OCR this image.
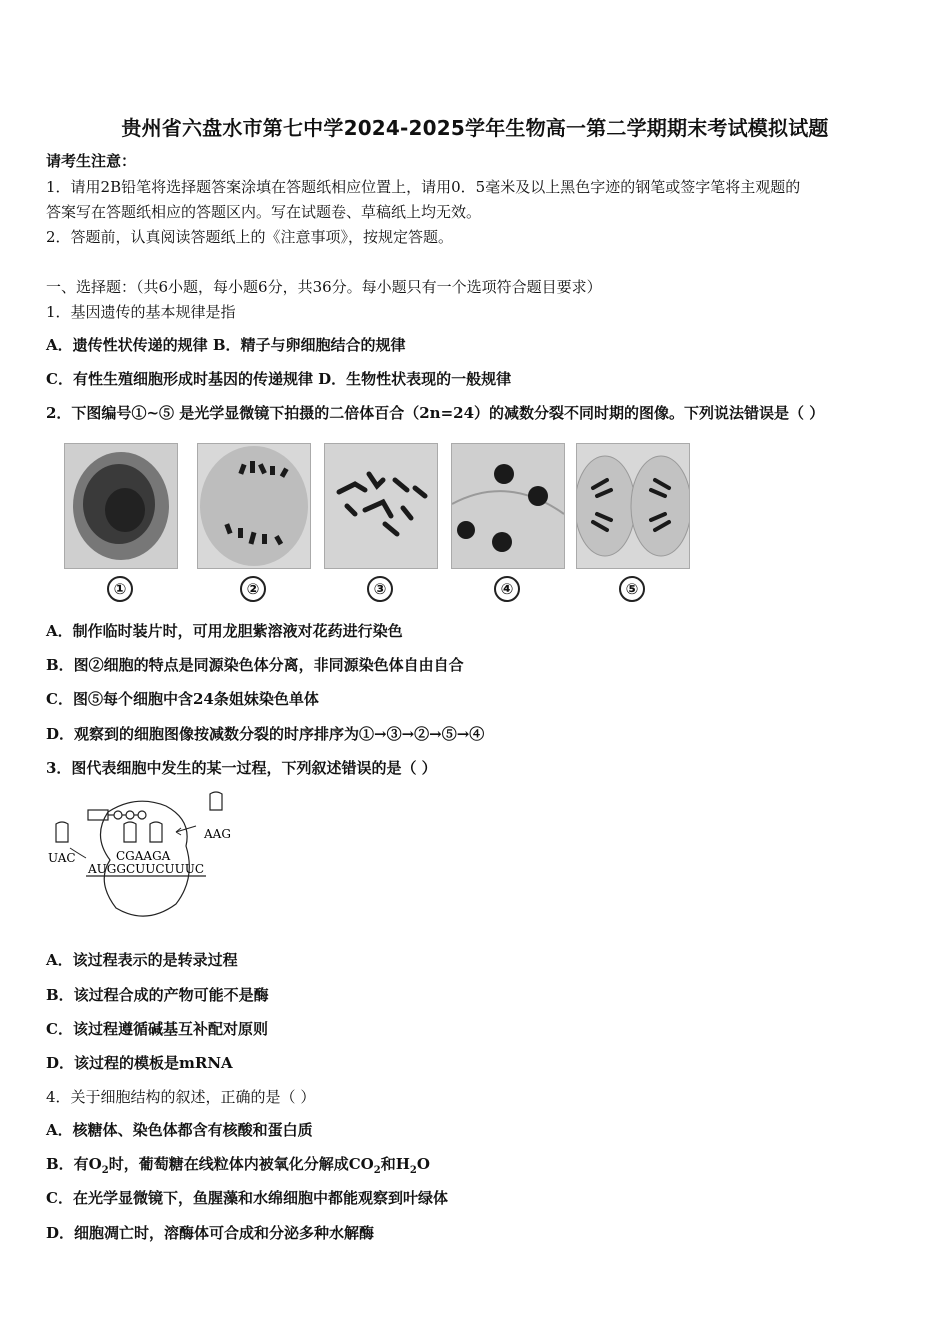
贵州省六盘水市第七中学2024-2025学年生物高一第二学期期末考试模拟试题
请考生注意：
1．请用2B铅笔将选择题答案涂填在答题纸相应位置上，请用0．5毫米及以上黑色字迹的钢笔或签字笔将主观题的
答案写在答题纸相应的答题区内。写在试题卷、草稿纸上均无效。
2．答题前，认真阅读答题纸上的《注意事项》，按规定答题。
一、选择题：（共6小题，每小题6分，共36分。每小题只有一个选项符合题目要求）
1．基因遗传的基本规律是指
A．遗传性状传递的规律 B．精子与卵细胞结合的规律
C．有性生殖细胞形成时基因的传递规律 D．生物性状表现的一般规律
2．下图编号①~⑤ 是光学显微镜下拍摄的二倍体百合（2n=24）的减数分裂不同时期的图像。下列说法错误是（ ）
①	②	③	④	⑤
A．制作临时装片时，可用龙胆紫溶液对花药进行染色
B．图②细胞的特点是同源染色体分离，非同源染色体自由自合
C．图⑤每个细胞中含24条姐妹染色单体
D．观察到的细胞图像按减数分裂的时序排序为①→③→②→⑤→④
3．图代表细胞中发生的某一过程，下列叙述错误的是（ ）
UAC
AAG
CGAAGA
AUGGCUUCUUUC
A．该过程表示的是转录过程
B．该过程合成的产物可能不是酶
C．该过程遵循碱基互补配对原则
D．该过程的模板是mRNA
4．关于细胞结构的叙述，正确的是（ ）
A．核糖体、染色体都含有核酸和蛋白质
B．有$O_2$时，葡萄糖在线粒体内被氧化分解成$CO_2$和$H_2O$
C．在光学显微镜下，鱼腥藻和水绵细胞中都能观察到叶绿体
D．细胞凋亡时，溶酶体可合成和分泌多种水解酶
